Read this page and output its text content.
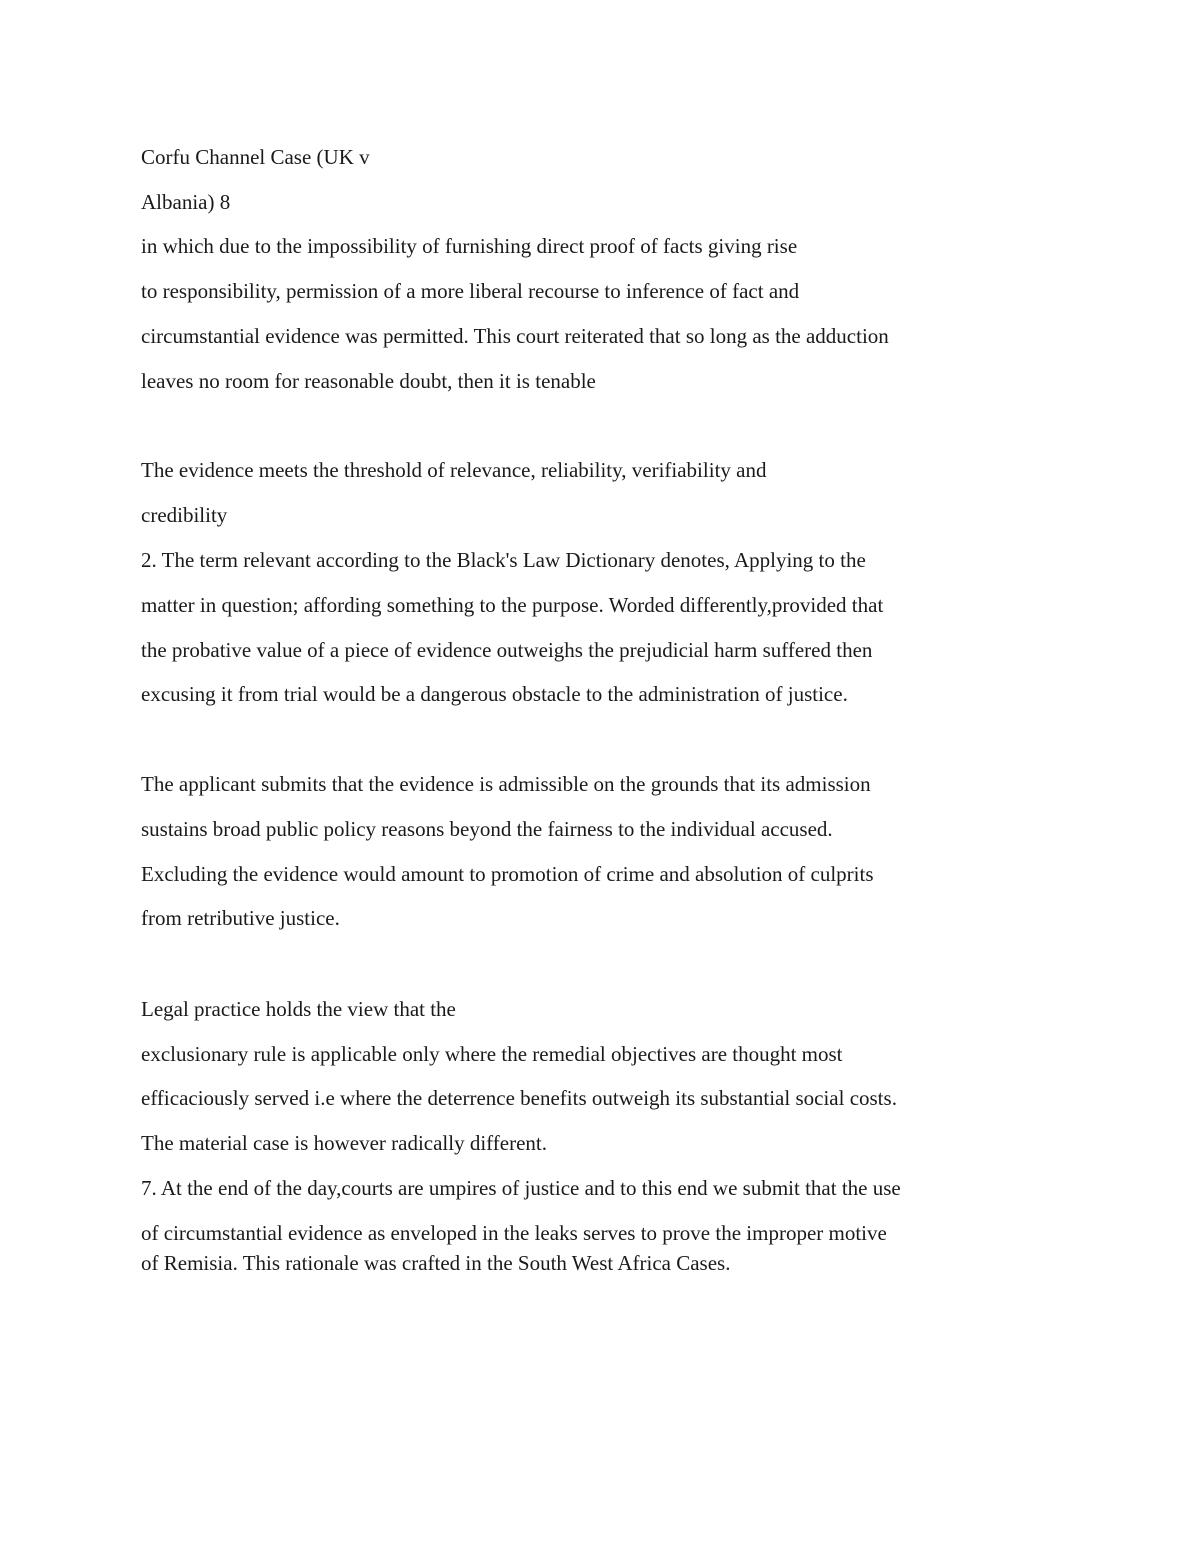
Corfu Channel Case (UK v

Albania) 8

in which due to the impossibility of furnishing direct proof of facts giving rise

to responsibility, permission of a more liberal recourse to inference of fact and

circumstantial evidence was permitted. This court reiterated that so long as the adduction

leaves no room for reasonable doubt, then it is tenable

The evidence meets the threshold of relevance, reliability, verifiability and

credibility

2. The term relevant according to the Black's Law Dictionary denotes, Applying to the

matter in question; affording something to the purpose. Worded differently,provided that

the probative value of a piece of evidence outweighs the prejudicial harm suffered then

excusing it from trial would be a dangerous obstacle to the administration of justice.

The applicant submits that the evidence is admissible on the grounds that its admission

sustains broad public policy reasons beyond the fairness to the individual accused.

Excluding the evidence would amount to promotion of crime and absolution of culprits

from retributive justice.

Legal practice holds the view that the

exclusionary rule is applicable only where the remedial objectives are thought most

efficaciously served i.e where the deterrence benefits outweigh its substantial social costs.

The material case is however radically different.

7. At the end of the day,courts are umpires of justice and to this end we submit that the use

of circumstantial evidence as enveloped in the leaks serves to prove the improper motive

of Remisia. This rationale was crafted in the South West Africa Cases.
